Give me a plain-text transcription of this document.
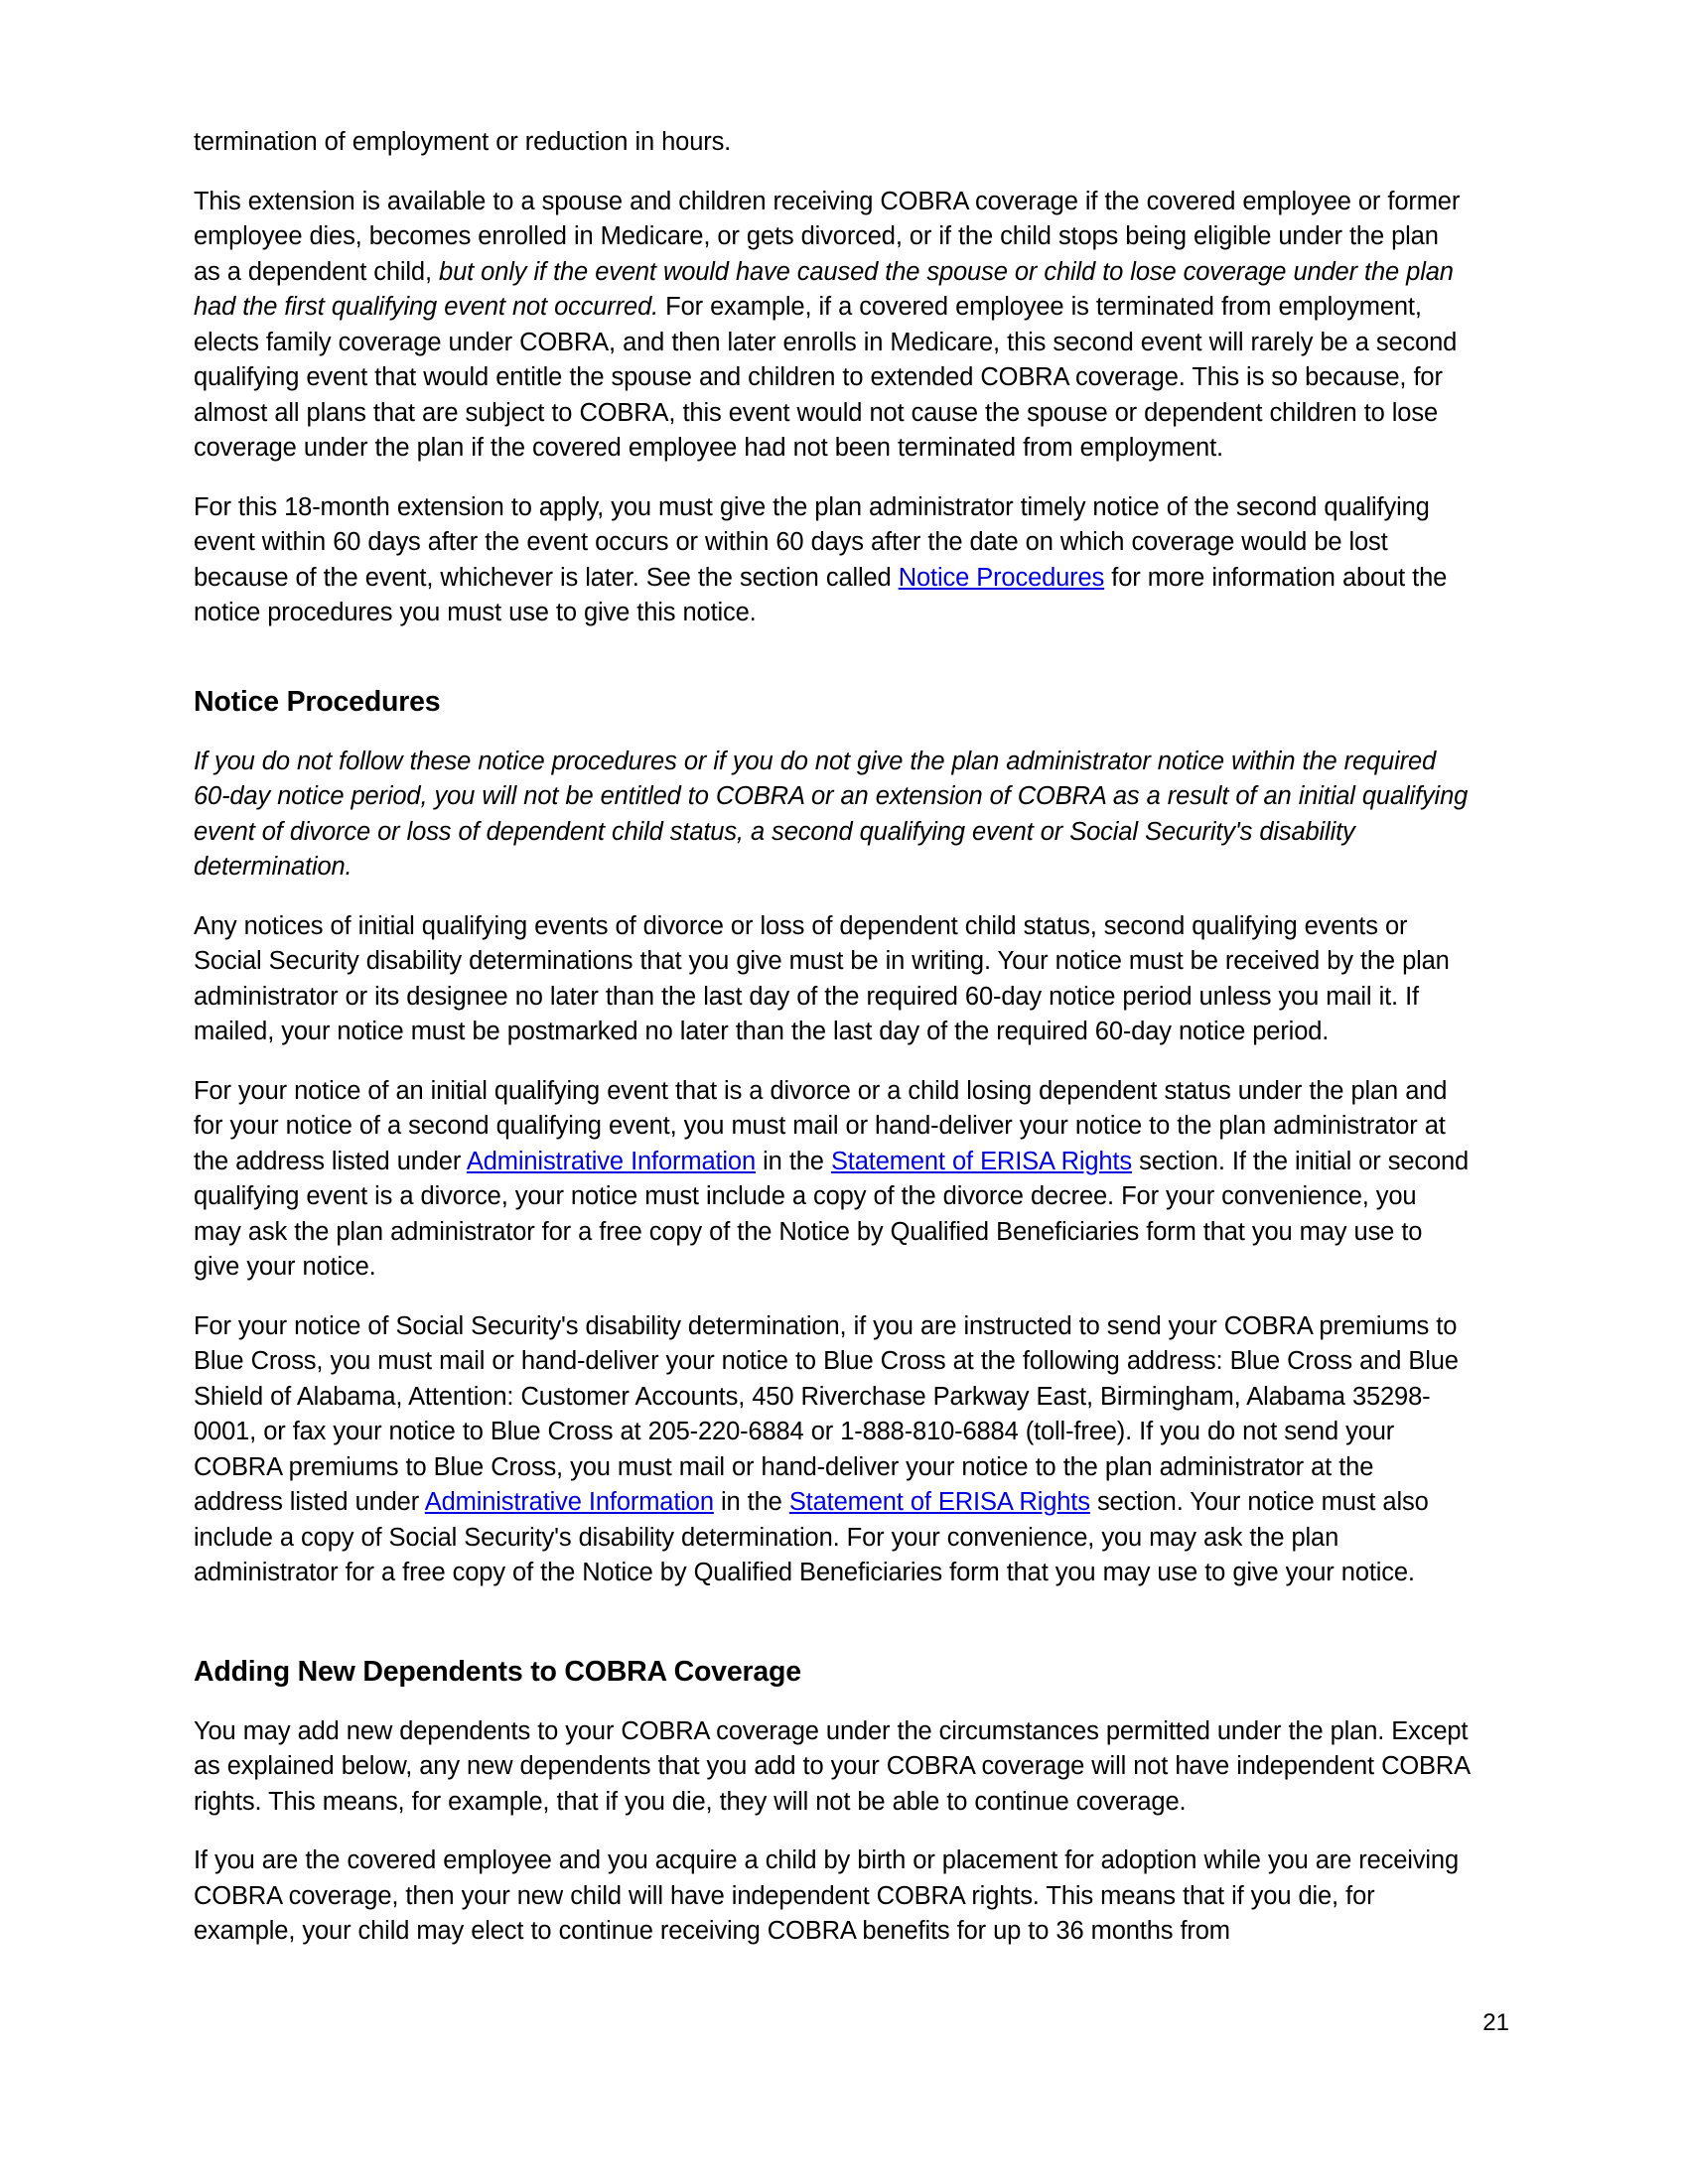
termination of employment or reduction in hours.

This extension is available to a spouse and children receiving COBRA coverage if the covered employee or former employee dies, becomes enrolled in Medicare, or gets divorced, or if the child stops being eligible under the plan as a dependent child, but only if the event would have caused the spouse or child to lose coverage under the plan had the first qualifying event not occurred. For example, if a covered employee is terminated from employment, elects family coverage under COBRA, and then later enrolls in Medicare, this second event will rarely be a second qualifying event that would entitle the spouse and children to extended COBRA coverage. This is so because, for almost all plans that are subject to COBRA, this event would not cause the spouse or dependent children to lose coverage under the plan if the covered employee had not been terminated from employment.

For this 18-month extension to apply, you must give the plan administrator timely notice of the second qualifying event within 60 days after the event occurs or within 60 days after the date on which coverage would be lost because of the event, whichever is later. See the section called Notice Procedures for more information about the notice procedures you must use to give this notice.

Notice Procedures

If you do not follow these notice procedures or if you do not give the plan administrator notice within the required 60-day notice period, you will not be entitled to COBRA or an extension of COBRA as a result of an initial qualifying event of divorce or loss of dependent child status, a second qualifying event or Social Security's disability determination.

Any notices of initial qualifying events of divorce or loss of dependent child status, second qualifying events or Social Security disability determinations that you give must be in writing. Your notice must be received by the plan administrator or its designee no later than the last day of the required 60-day notice period unless you mail it. If mailed, your notice must be postmarked no later than the last day of the required 60-day notice period.

For your notice of an initial qualifying event that is a divorce or a child losing dependent status under the plan and for your notice of a second qualifying event, you must mail or hand-deliver your notice to the plan administrator at the address listed under Administrative Information in the Statement of ERISA Rights section. If the initial or second qualifying event is a divorce, your notice must include a copy of the divorce decree. For your convenience, you may ask the plan administrator for a free copy of the Notice by Qualified Beneficiaries form that you may use to give your notice.

For your notice of Social Security's disability determination, if you are instructed to send your COBRA premiums to Blue Cross, you must mail or hand-deliver your notice to Blue Cross at the following address: Blue Cross and Blue Shield of Alabama, Attention: Customer Accounts, 450 Riverchase Parkway East, Birmingham, Alabama 35298-0001, or fax your notice to Blue Cross at 205-220-6884 or 1-888-810-6884 (toll-free). If you do not send your COBRA premiums to Blue Cross, you must mail or hand-deliver your notice to the plan administrator at the address listed under Administrative Information in the Statement of ERISA Rights section. Your notice must also include a copy of Social Security's disability determination. For your convenience, you may ask the plan administrator for a free copy of the Notice by Qualified Beneficiaries form that you may use to give your notice.

Adding New Dependents to COBRA Coverage

You may add new dependents to your COBRA coverage under the circumstances permitted under the plan. Except as explained below, any new dependents that you add to your COBRA coverage will not have independent COBRA rights. This means, for example, that if you die, they will not be able to continue coverage.

If you are the covered employee and you acquire a child by birth or placement for adoption while you are receiving COBRA coverage, then your new child will have independent COBRA rights. This means that if you die, for example, your child may elect to continue receiving COBRA benefits for up to 36 months from

21
